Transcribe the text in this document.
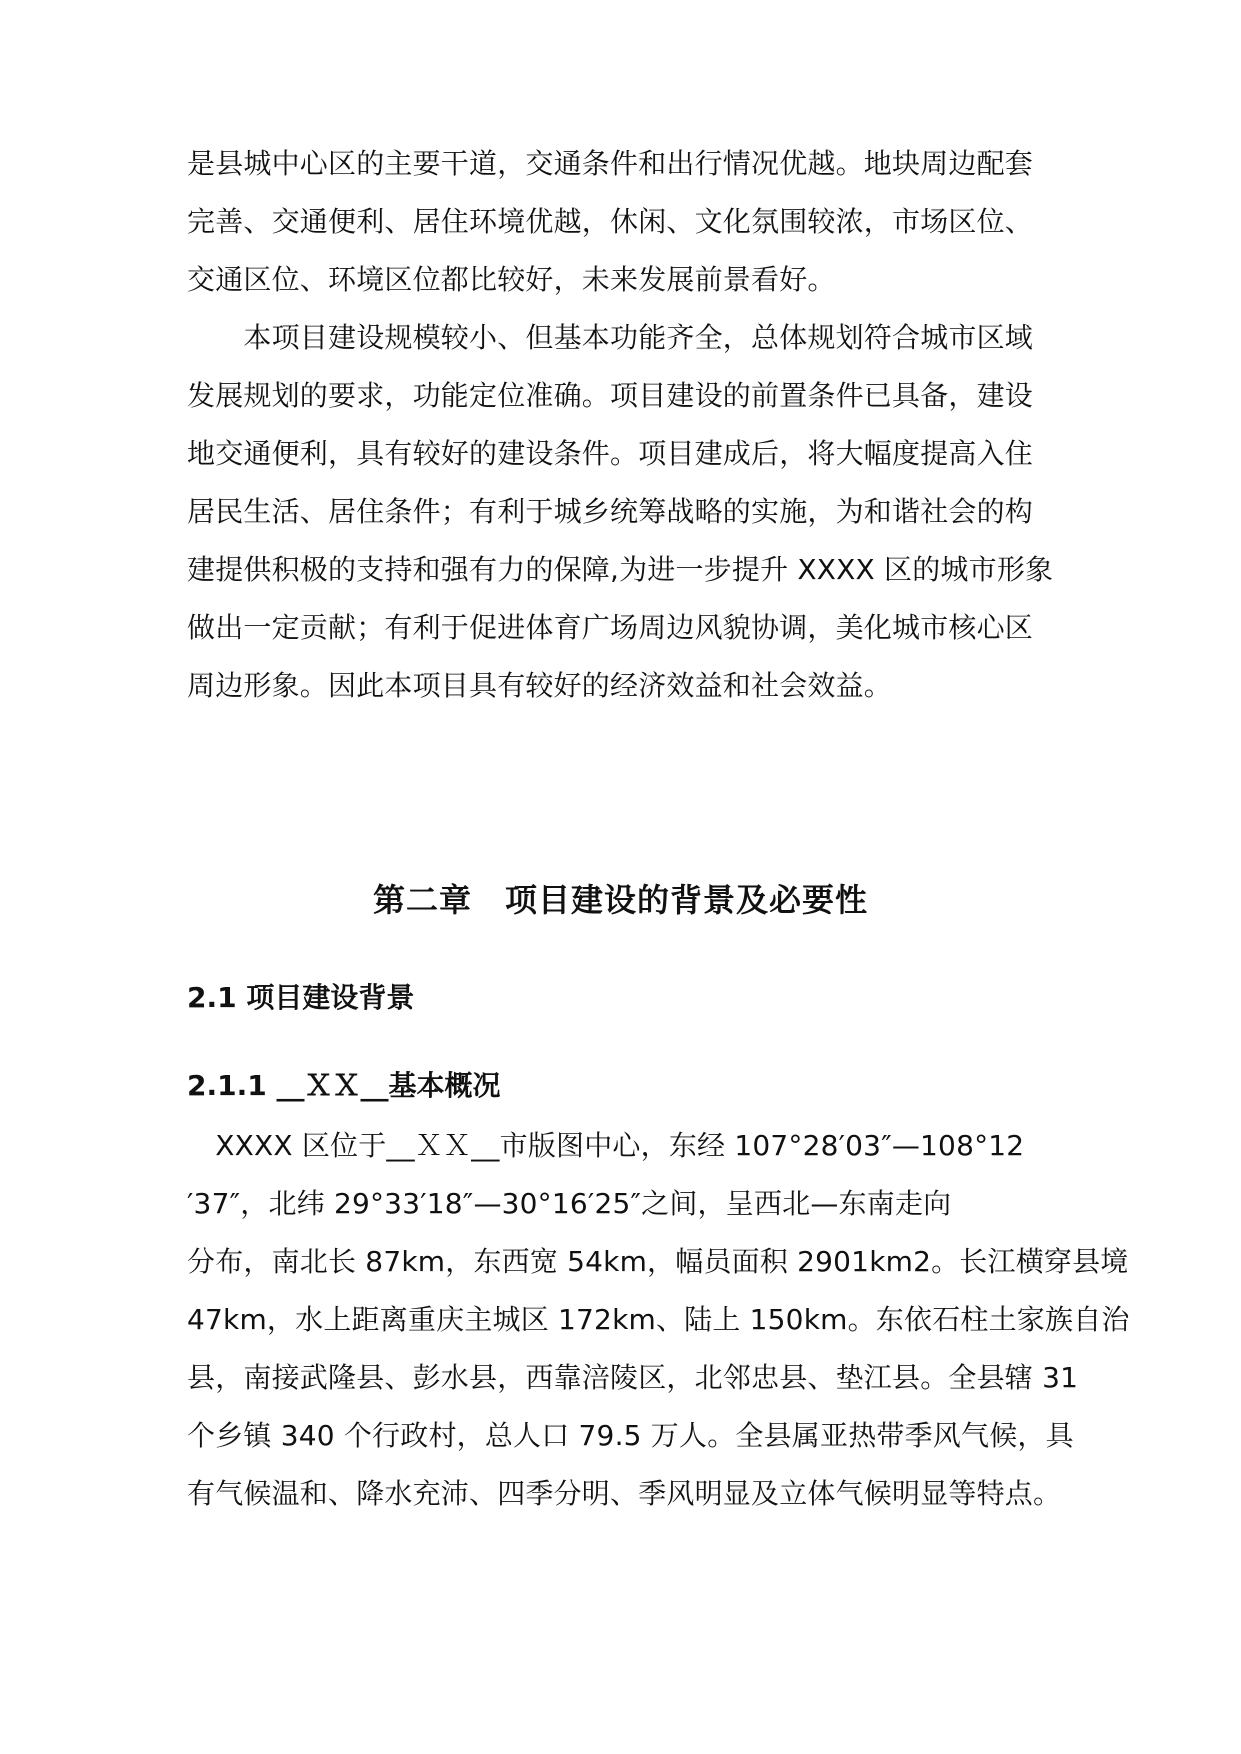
是县城中心区的主要干道，交通条件和出行情况优越。地块周边配套
完善、交通便利、居住环境优越，休闲、文化氛围较浓，市场区位、
交通区位、环境区位都比较好，未来发展前景看好。
　　本项目建设规模较小、但基本功能齐全，总体规划符合城市区域
发展规划的要求，功能定位准确。项目建设的前置条件已具备，建设
地交通便利，具有较好的建设条件。项目建成后，将大幅度提高入住
居民生活、居住条件；有利于城乡统筹战略的实施，为和谐社会的构
建提供积极的支持和强有力的保障,为进一步提升 XXXX 区的城市形象
做出一定贡献；有利于促进体育广场周边风貌协调，美化城市核心区
周边形象。因此本项目具有较好的经济效益和社会效益。
第二章　项目建设的背景及必要性
2.1 项目建设背景
2.1.1 __ＸＸ__基本概况
　XXXX 区位于__ＸＸ__市版图中心，东经 107°28′03″—108°12
′37″，北纬 29°33′18″—30°16′25″之间，呈西北—东南走向
分布，南北长 87km，东西宽 54km，幅员面积 2901km2。长江横穿县境
47km，水上距离重庆主城区 172km、陆上 150km。东依石柱土家族自治
县，南接武隆县、彭水县，西靠涪陵区，北邻忠县、垫江县。全县辖 31
个乡镇 340 个行政村，总人口 79.5 万人。全县属亚热带季风气候，具
有气候温和、降水充沛、四季分明、季风明显及立体气候明显等特点。
